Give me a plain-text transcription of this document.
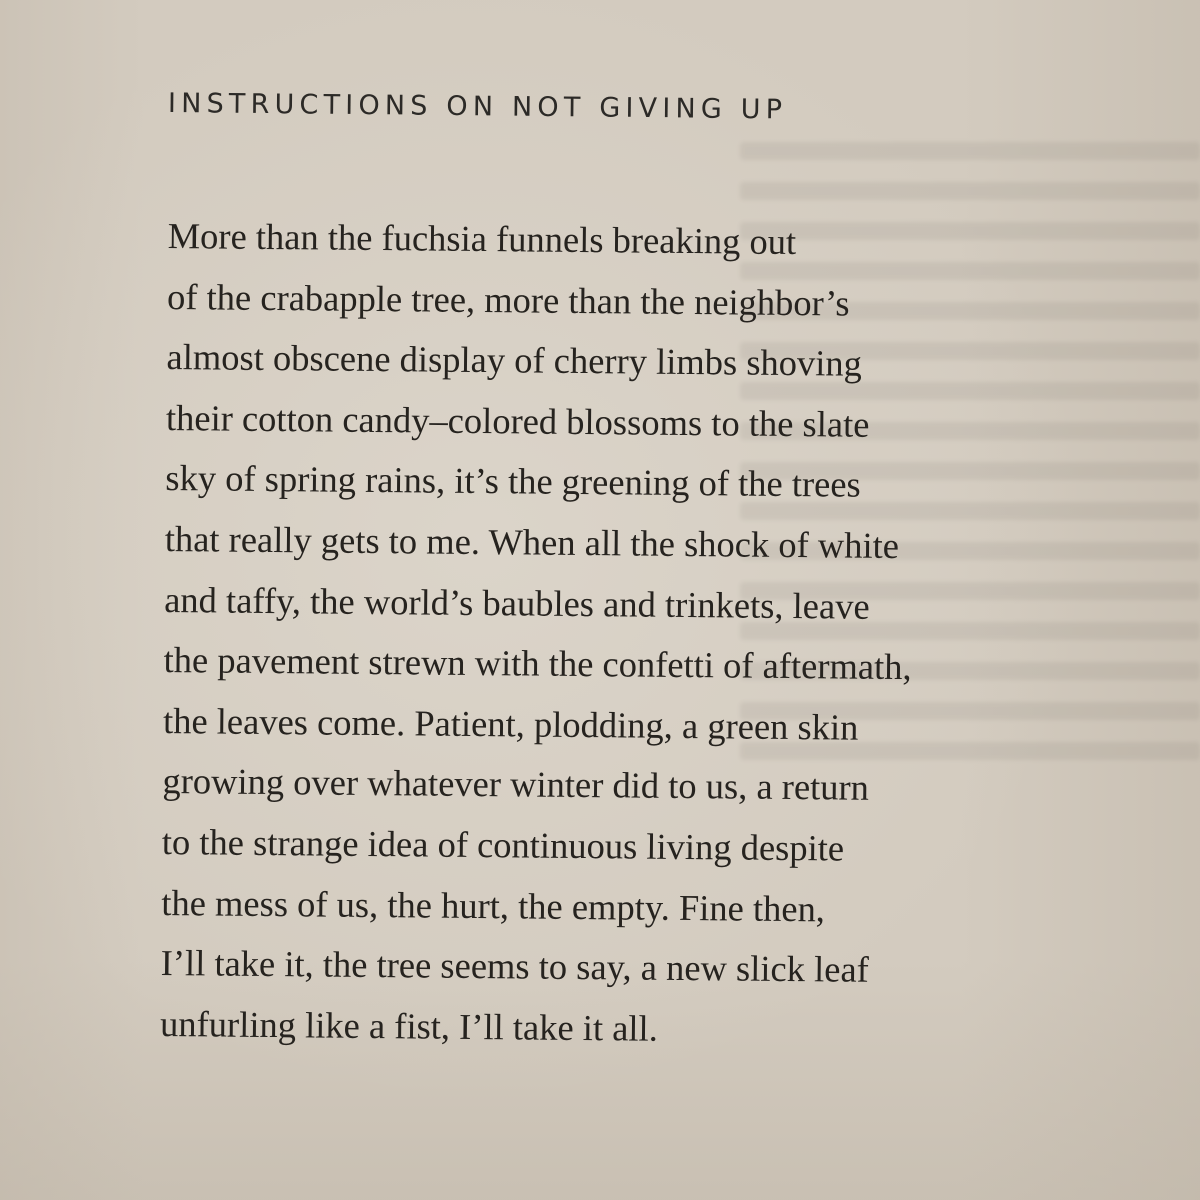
INSTRUCTIONS ON NOT GIVING UP
More than the fuchsia funnels breaking out
of the crabapple tree, more than the neighbor’s
almost obscene display of cherry limbs shoving
their cotton candy–colored blossoms to the slate
sky of spring rains, it’s the greening of the trees
that really gets to me. When all the shock of white
and taffy, the world’s baubles and trinkets, leave
the pavement strewn with the confetti of aftermath,
the leaves come. Patient, plodding, a green skin
growing over whatever winter did to us, a return
to the strange idea of continuous living despite
the mess of us, the hurt, the empty. Fine then,
I’ll take it, the tree seems to say, a new slick leaf
unfurling like a fist, I’ll take it all.
